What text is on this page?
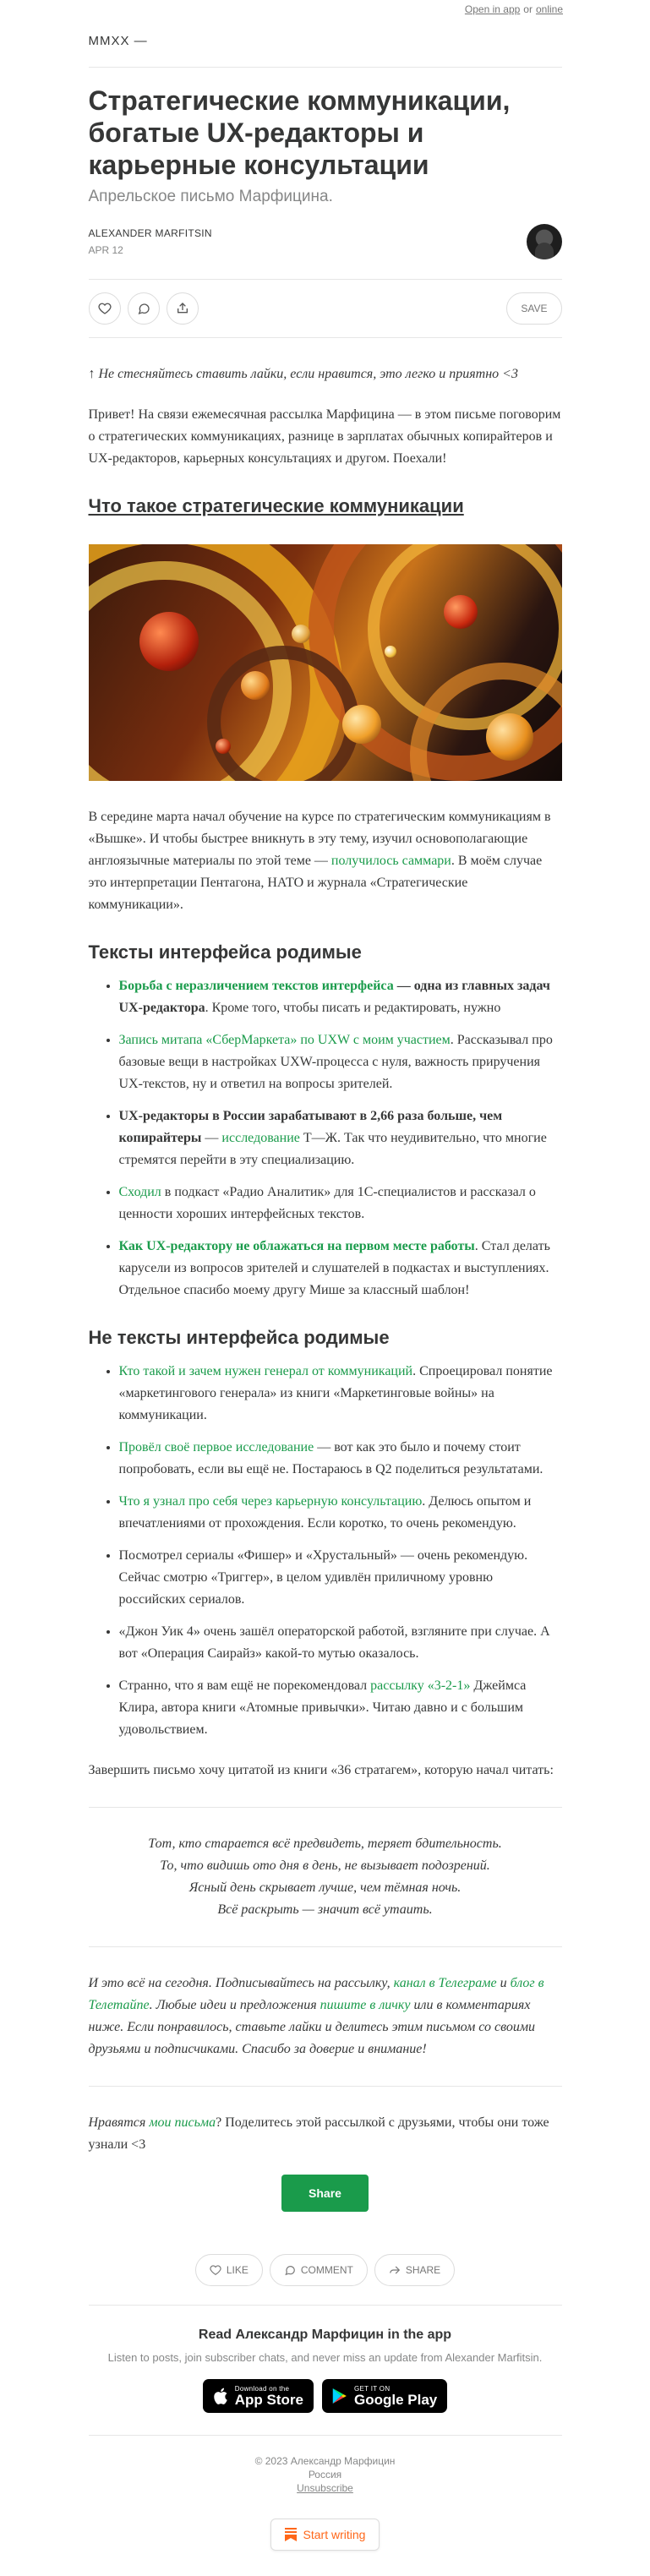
Open in app or online
MMXX —
Стратегические коммуникации, богатые UX-редакторы и карьерные консультации
Апрельское письмо Марфицина.
ALEXANDER MARFITSIN
APR 12
SAVE

↑ Не стесняйтесь ставить лайки, если нравится, это легко и приятно <3

Привет! На связи ежемесячная рассылка Марфицина — в этом письме поговорим о стратегических коммуникациях, разнице в зарплатах обычных копирайтеров и UX-редакторов, карьерных консультациях и другом. Поехали!

Что такое стратегические коммуникации

В середине марта начал обучение на курсе по стратегическим коммуникациям в «Вышке». И чтобы быстрее вникнуть в эту тему, изучил основополагающие англоязычные материалы по этой теме — получилось саммари. В моём случае это интерпретации Пентагона, НАТО и журнала «Стратегические коммуникации».

Тексты интерфейса родимые
• Борьба с неразличением текстов интерфейса — одна из главных задач UX-редактора. Кроме того, чтобы писать и редактировать, нужно
• Запись митапа «СберМаркета» по UXW с моим участием. Рассказывал про базовые вещи в настройках UXW-процесса с нуля, важность приручения UX-текстов, ну и ответил на вопросы зрителей.
• UX-редакторы в России зарабатывают в 2,66 раза больше, чем копирайтеры — исследование Т—Ж. Так что неудивительно, что многие стремятся перейти в эту специализацию.
• Сходил в подкаст «Радио Аналитик» для 1С-специалистов и рассказал о ценности хороших интерфейсных текстов.
• Как UX-редактору не облажаться на первом месте работы. Стал делать карусели из вопросов зрителей и слушателей в подкастах и выступлениях. Отдельное спасибо моему другу Мише за классный шаблон!
Не тексты интерфейса родимые
• Кто такой и зачем нужен генерал от коммуникаций. Спроецировал понятие «маркетингового генерала» из книги «Маркетинговые войны» на коммуникации.
• Провёл своё первое исследование — вот как это было и почему стоит попробовать, если вы ещё не. Постараюсь в Q2 поделиться результатами.
• Что я узнал про себя через карьерную консультацию. Делюсь опытом и впечатлениями от прохождения. Если коротко, то очень рекомендую.
• Посмотрел сериалы «Фишер» и «Хрустальный» — очень рекомендую. Сейчас смотрю «Триггер», в целом удивлён приличному уровню российских сериалов.
• «Джон Уик 4» очень зашёл операторской работой, взгляните при случае. А вот «Операция Саирайз» какой-то мутью оказалось.
• Странно, что я вам ещё не порекомендовал рассылку «3-2-1» Джеймса Клира, автора книги «Атомные привычки». Читаю давно и с большим удовольствием.

Завершить письмо хочу цитатой из книги «36 стратагем», которую начал читать:

Тот, кто старается всё предвидеть, теряет бдительность.
То, что видишь ото дня в день, не вызывает подозрений.
Ясный день скрывает лучше, чем тёмная ночь.
Всё раскрыть — значит всё утаить.

И это всё на сегодня. Подписывайтесь на рассылку, канал в Телеграме и блог в Телетайпе. Любые идеи и предложения пишите в личку или в комментариях ниже. Если понравилось, ставьте лайки и делитесь этим письмом со своими друзьями и подписчиками. Спасибо за доверие и внимание!

Нравятся мои письма? Поделитесь этой рассылкой с друзьями, чтобы они тоже узнали <3

Share
LIKE	COMMENT	SHARE
Read Александр Марфицин in the app
Listen to posts, join subscriber chats, and never miss an update from Alexander Marfitsin.
Download on the
App Store
GET IT ON
Google Play
© 2023 Александр Марфицин
Россия
Unsubscribe
Start writing
